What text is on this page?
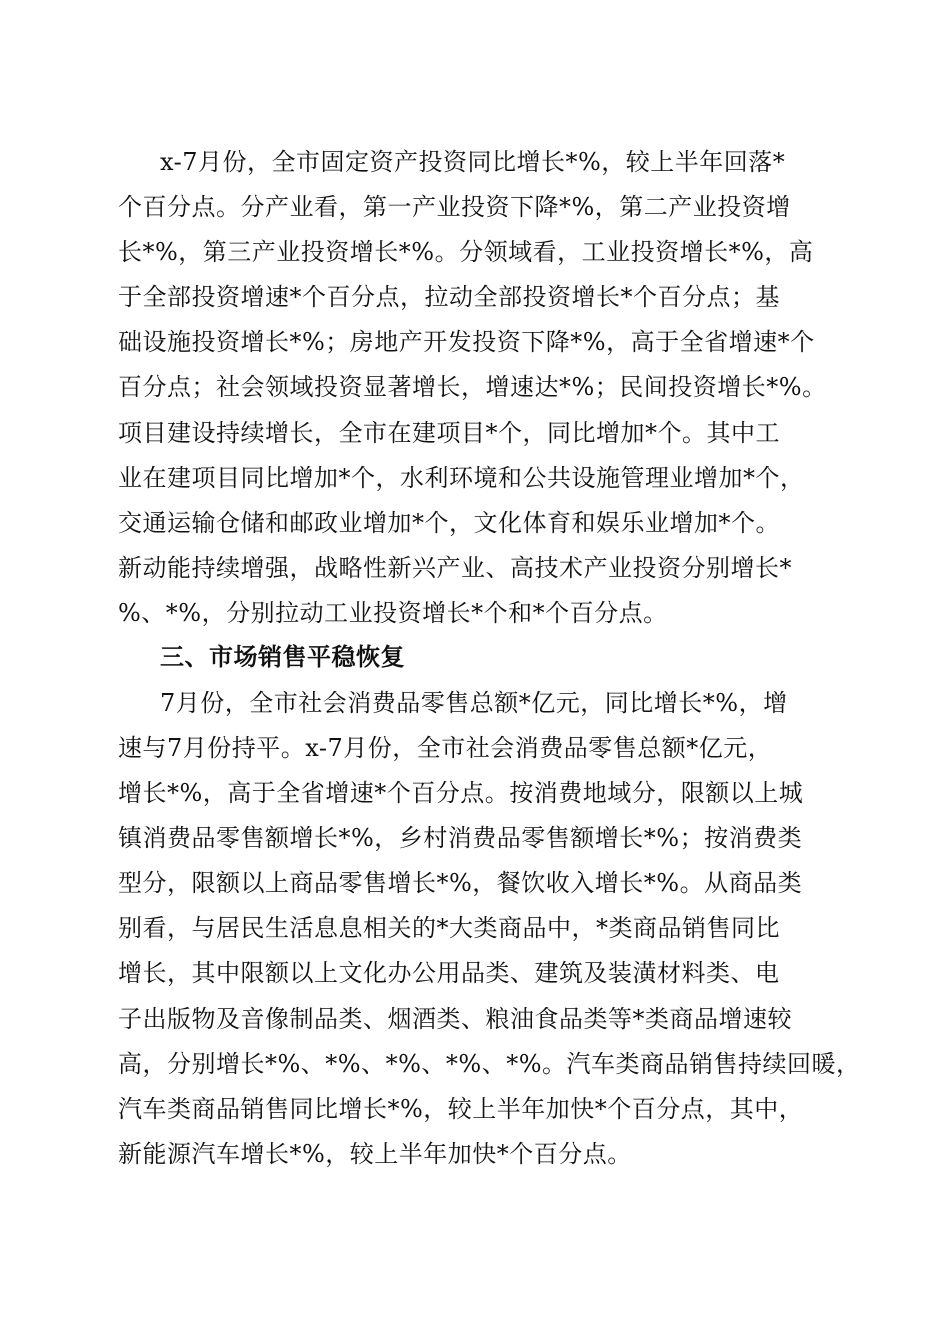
x-7月份，全市固定资产投资同比增长*%，较上半年回落*
个百分点。分产业看，第一产业投资下降*%，第二产业投资增
长*%，第三产业投资增长*%。分领域看，工业投资增长*%，高
于全部投资增速*个百分点，拉动全部投资增长*个百分点；基
础设施投资增长*%；房地产开发投资下降*%，高于全省增速*个
百分点；社会领域投资显著增长，增速达*%；民间投资增长*%。
项目建设持续增长，全市在建项目*个，同比增加*个。其中工
业在建项目同比增加*个，水利环境和公共设施管理业增加*个，
交通运输仓储和邮政业增加*个，文化体育和娱乐业增加*个。
新动能持续增强，战略性新兴产业、高技术产业投资分别增长*
%、*%，分别拉动工业投资增长*个和*个百分点。
三、市场销售平稳恢复
7月份，全市社会消费品零售总额*亿元，同比增长*%，增
速与7月份持平。x-7月份，全市社会消费品零售总额*亿元，
增长*%，高于全省增速*个百分点。按消费地域分，限额以上城
镇消费品零售额增长*%，乡村消费品零售额增长*%；按消费类
型分，限额以上商品零售增长*%，餐饮收入增长*%。从商品类
别看，与居民生活息息相关的*大类商品中，*类商品销售同比
增长，其中限额以上文化办公用品类、建筑及装潢材料类、电
子出版物及音像制品类、烟酒类、粮油食品类等*类商品增速较
高，分别增长*%、*%、*%、*%、*%。汽车类商品销售持续回暖，
汽车类商品销售同比增长*%，较上半年加快*个百分点，其中，
新能源汽车增长*%，较上半年加快*个百分点。
